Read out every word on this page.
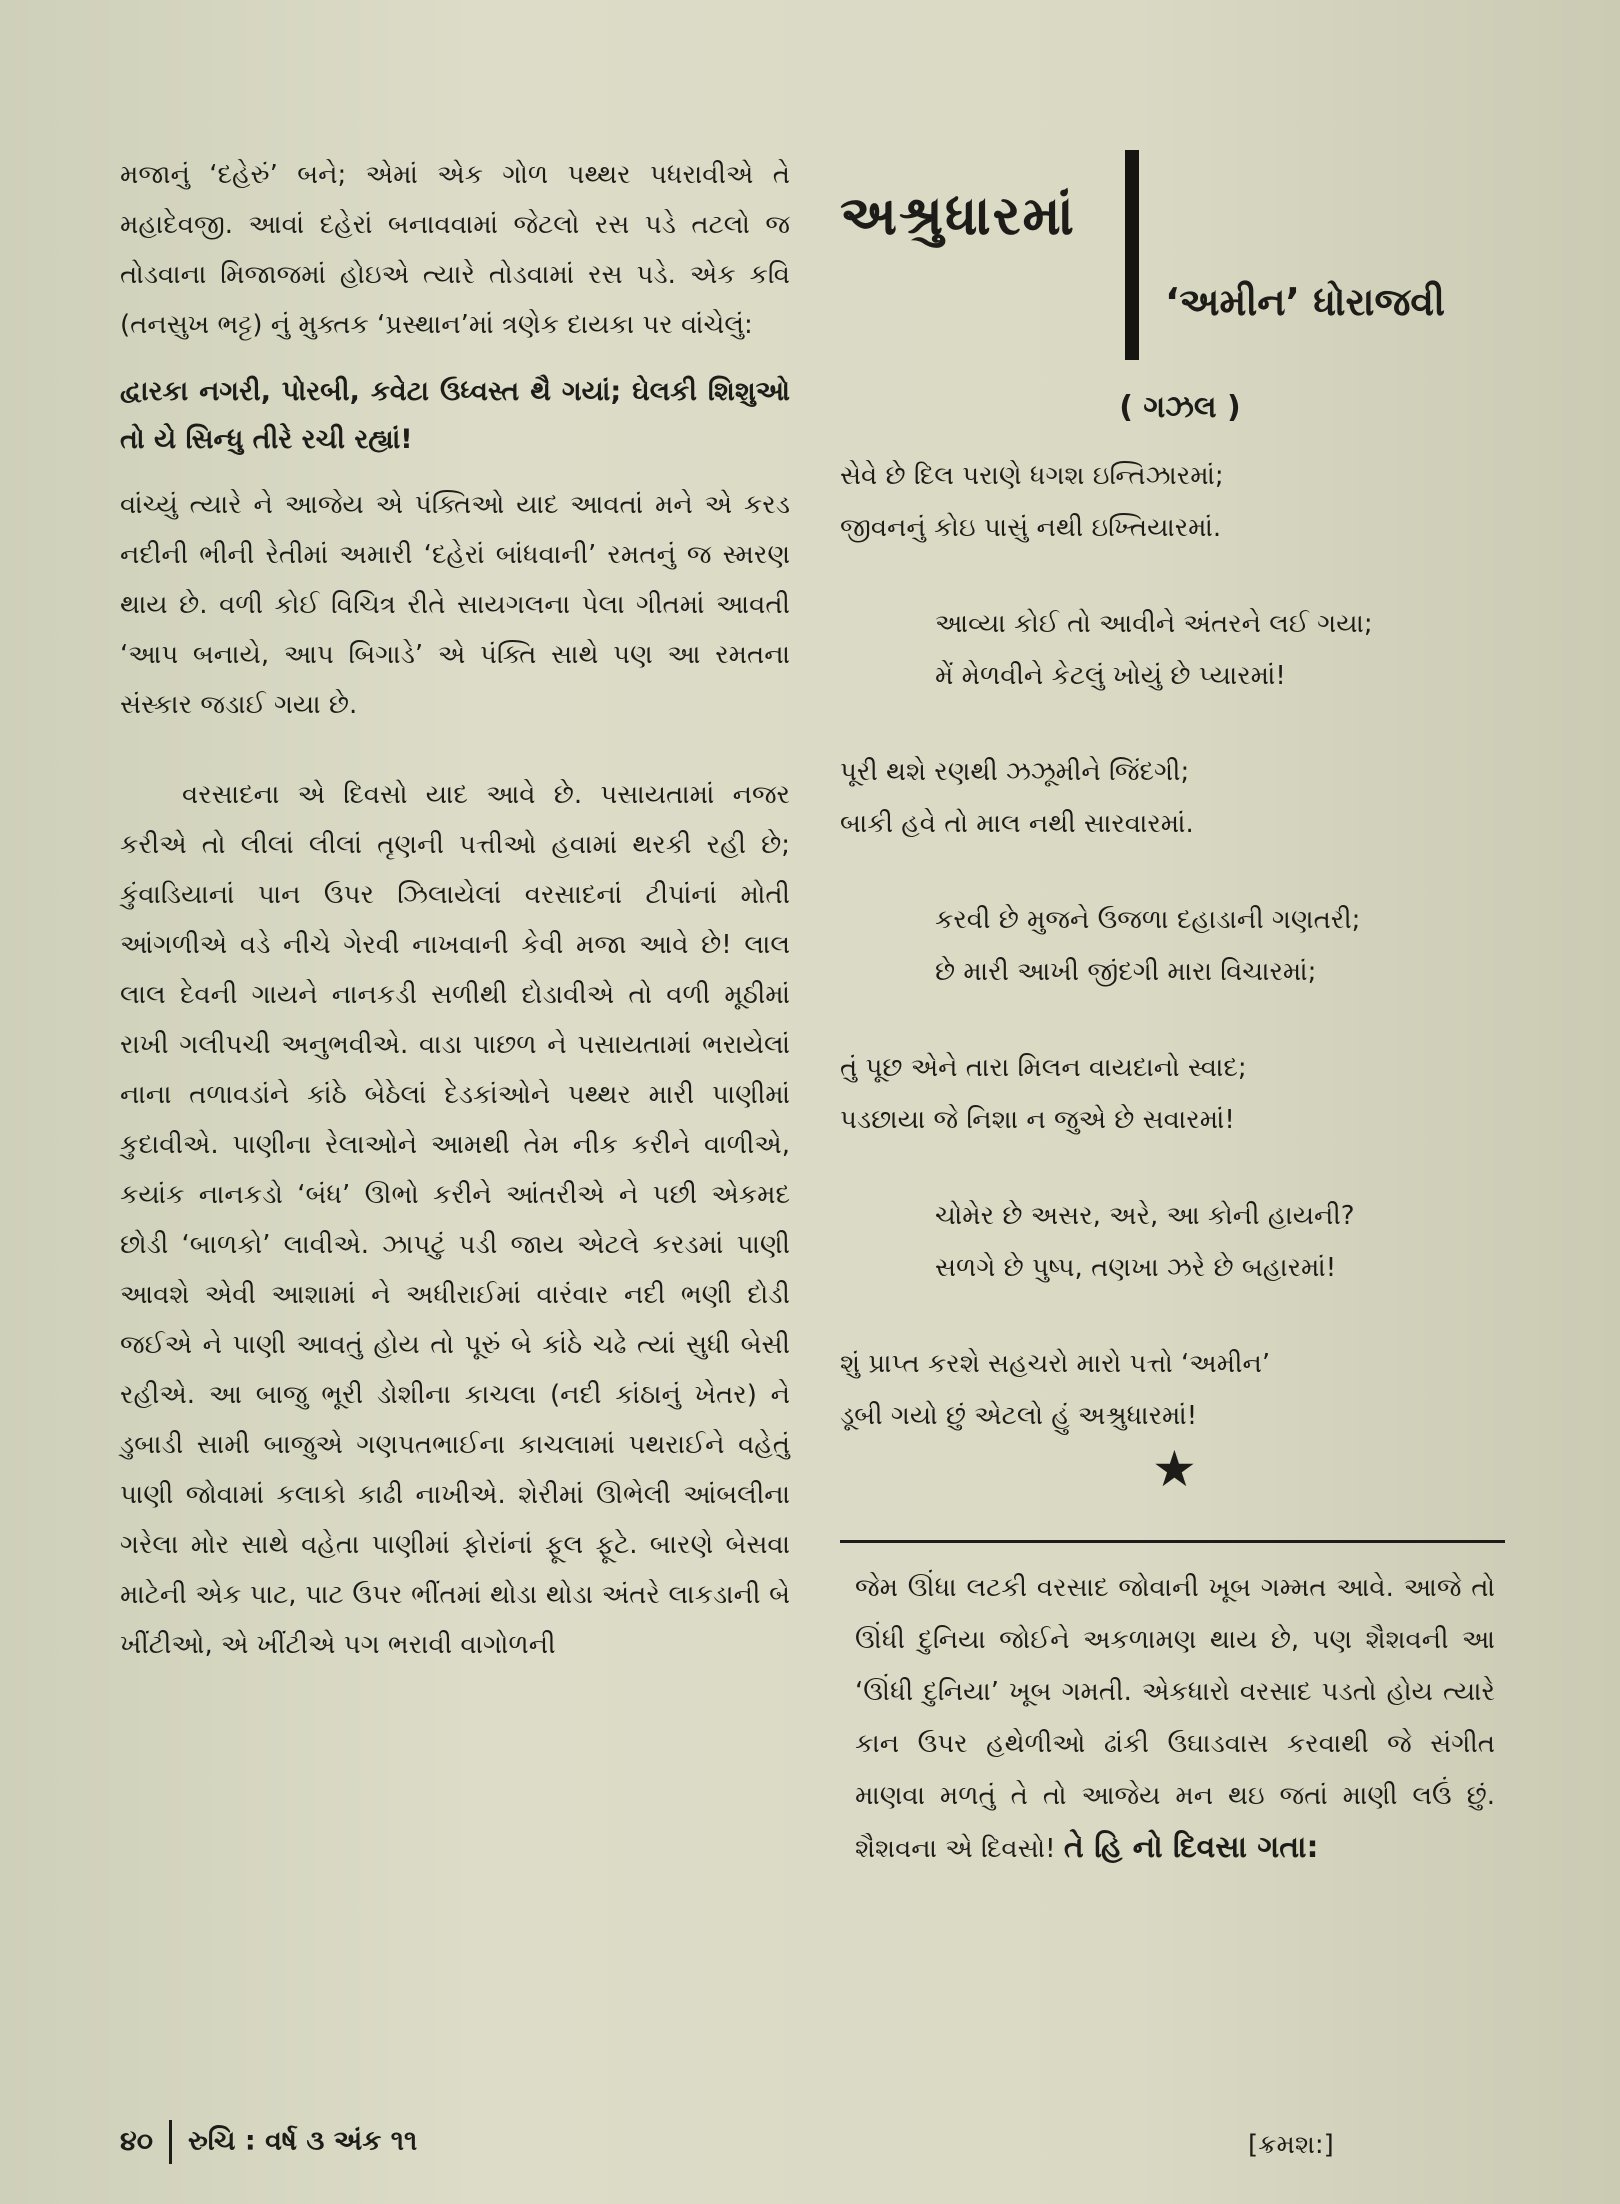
મજાનું ‘દહેરું’ બને; એમાં એક ગોળ પથ્થર પધરાવીએ તે મહાદેવજી. આવાં દહેરાં બનાવવામાં જેટલો રસ પડે તટલો જ તોડવાના મિજાજમાં હોઇએ ત્યારે તોડવામાં રસ પડે. એક કવિ (તનસુખ ભટ્ટ) નું મુક્તક ‘પ્રસ્થાન’માં ત્રણેક દાયકા પર વાંચેલું:

દ્વારકા નગરી, પોરબી, કવેટા ઉધ્વસ્ત થૈ ગયાં; ઘેલકી શિશુઓ તો યે સિન્ધુ તીરે રચી રહ્યાં!

વાંચ્યું ત્યારે ને આજેય એ પંક્તિઓ યાદ આવતાં મને એ કરડ નદીની ભીની રેતીમાં અમારી ‘દહેરાં બાંધવાની’ રમતનું જ સ્મરણ થાય છે. વળી કોઈ વિચિત્ર રીતે સાયગલના પેલા ગીતમાં આવતી ‘આપ બનાયે, આપ બિગાડે’ એ પંક્તિ સાથે પણ આ રમતના સંસ્કાર જડાઈ ગયા છે.

વરસાદના એ દિવસો યાદ આવે છે. પસાયતામાં નજર કરીએ તો લીલાં લીલાં તૃણની પત્તીઓ હવામાં થરકી રહી છે; કુંવાડિયાનાં પાન ઉપર ઝિલાયેલાં વરસાદનાં ટીપાંનાં મોતી આંગળીએ વડે નીચે ગેરવી નાખવાની કેવી મજા આવે છે! લાલ લાલ દેવની ગાયને નાનકડી સળીથી દોડાવીએ તો વળી મૂઠીમાં રાખી ગલીપચી અનુભવીએ. વાડા પાછળ ને પસાયતામાં ભરાયેલાં નાના તળાવડાંને કાંઠે બેઠેલાં દેડકાંઓને પથ્થર મારી પાણીમાં કુદાવીએ. પાણીના રેલાઓને આમથી તેમ નીક કરીને વાળીએ, કયાંક નાનકડો ‘બંધ’ ઊભો કરીને આંતરીએ ને પછી એકમદ છોડી ‘બાળકો’ લાવીએ. ઝાપટું પડી જાય એટલે કરડમાં પાણી આવશે એવી આશામાં ને અધીરાઈમાં વારંવાર નદી ભણી દોડી જઈએ ને પાણી આવતું હોય તો પૂરું બે કાંઠે ચઢે ત્યાં સુધી બેસી રહીએ. આ બાજુ ભૂરી ડોશીના કાચલા (નદી કાંઠાનું ખેતર) ને ડુબાડી સામી બાજુએ ગણપતભાઈના કાચલામાં પથરાઈને વહેતું પાણી જોવામાં કલાકો કાઢી નાખીએ. શેરીમાં ઊભેલી આંબલીના ગરેલા મોર સાથે વહેતા પાણીમાં ફોરાંનાં ફૂલ ફૂટે. બારણે બેસવા માટેની એક પાટ, પાટ ઉપર ભીંતમાં થોડા થોડા અંતરે લાકડાની બે ખીંટીઓ, એ ખીંટીએ પગ ભરાવી વાગોળની

અશ્રુધારમાં
‘અમીન’ ધોરાજવી
( ગઝલ )
સેવે છે દિલ પરાણે ધગશ ઇન્તિઝારમાં;
જીવનનું કોઇ પાસું નથી ઇખ્તિયારમાં.
આવ્યા કોઈ તો આવીને અંતરને લઈ ગયા;
મેં મેળવીને કેટલું ખોયું છે પ્યારમાં!
પૂરી થશે રણથી ઝઝૂમીને જિંદગી;
બાકી હવે તો માલ નથી સારવારમાં.
કરવી છે મુજને ઉજળા દહાડાની ગણતરી;
છે મારી આખી જીંદગી મારા વિચારમાં;
તું પૂછ એને તારા મિલન વાયદાનો સ્વાદ;
પડછાયા જે નિશા ન જુએ છે સવારમાં!
ચોમેર છે અસર, અરે, આ કોની હાયની?
સળગે છે પુષ્પ, તણખા ઝરે છે બહારમાં!
શું પ્રાપ્ત કરશે સહચરો મારો પત્તો ‘અમીન’
ડૂબી ગયો છું એટલો હું અશ્રુધારમાં!
★

જેમ ઊંધા લટકી વરસાદ જોવાની ખૂબ ગમ્મત આવે. આજે તો ઊંધી દુનિયા જોઈને અકળામણ થાય છે, પણ શૈશવની આ ‘ઊંધી દુનિયા’ ખૂબ ગમતી. એકધારો વરસાદ પડતો હોય ત્યારે કાન ઉપર હથેળીઓ ઢાંકી ઉઘાડવાસ કરવાથી જે સંગીત માણવા મળતું તે તો આજેય મન થઇ જતાં માણી લઉં છું. શૈશવના એ દિવસો! તે હિ નો દિવસા ગતા:

[ક્રમશ:]
૪૦ રુચિ : વર્ષ ૩ અંક ૧૧
